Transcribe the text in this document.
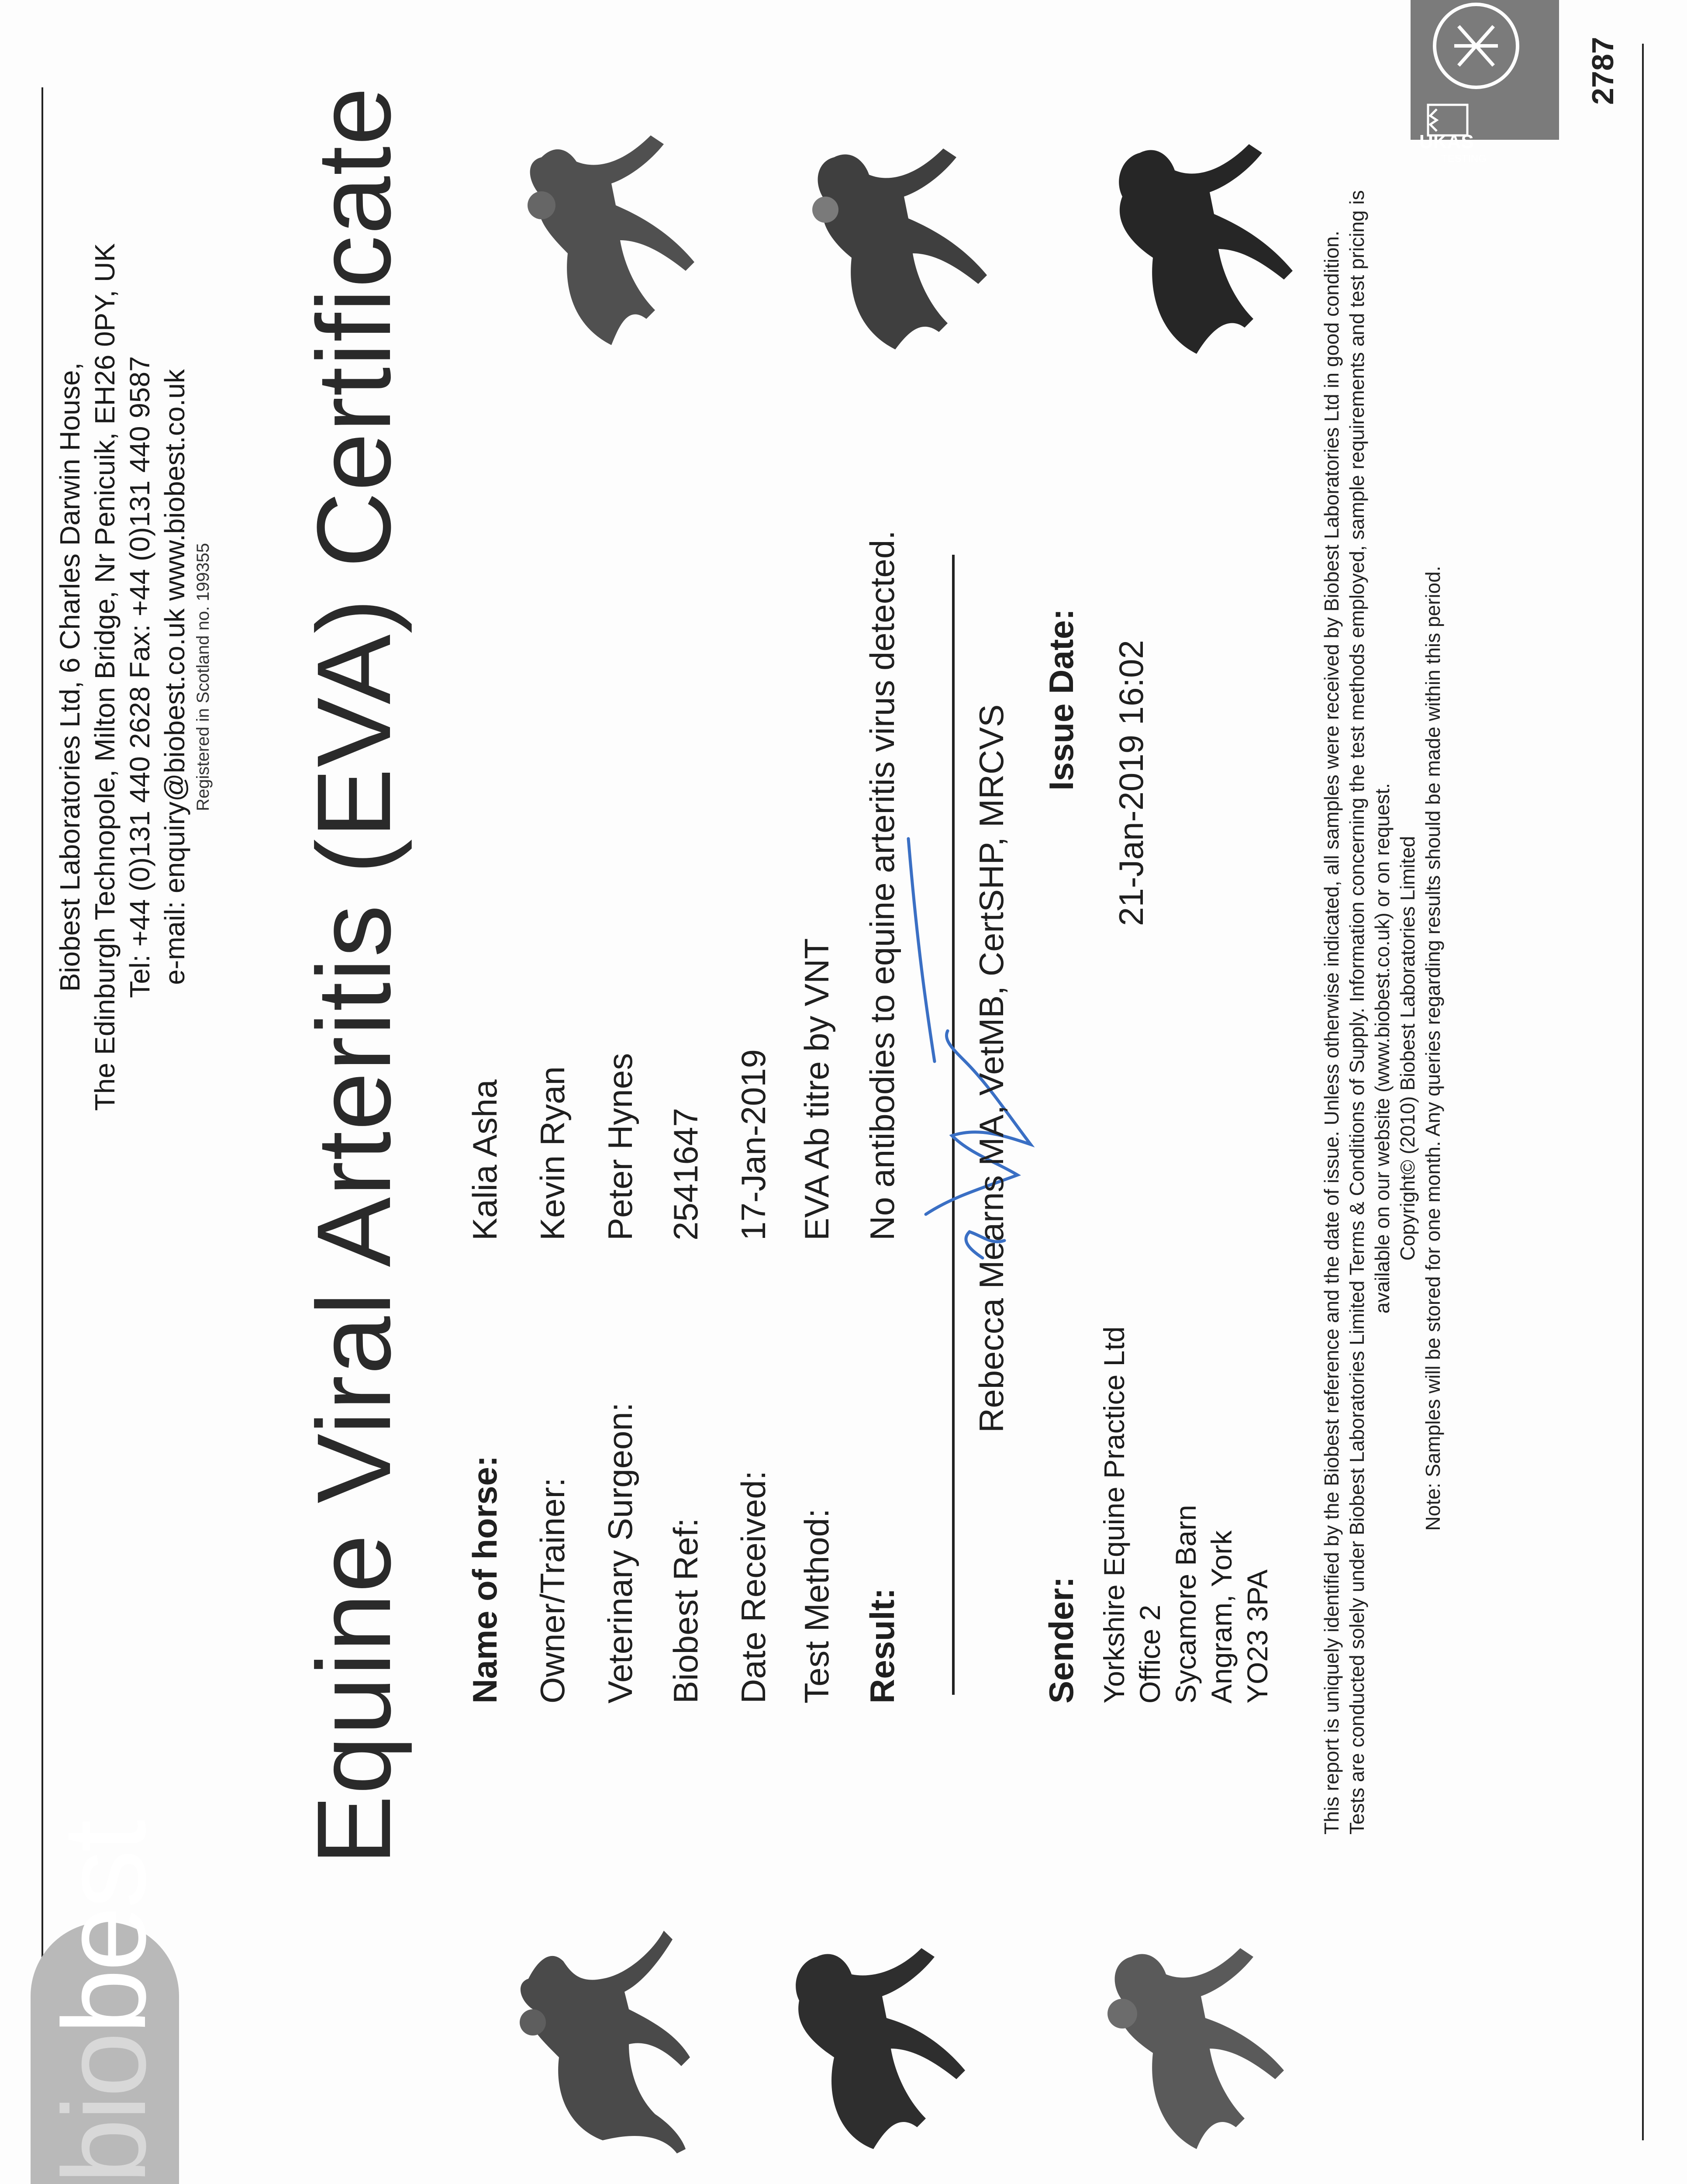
biobest
Biobest Laboratories Ltd, 6 Charles Darwin House, The Edinburgh Technopole, Milton Bridge, Nr Penicuik, EH26 0PY, UK Tel: +44 (0)131 440 2628 Fax: +44 (0)131 440 9587 e-mail: enquiry@biobest.co.uk www.biobest.co.uk Registered in Scotland no. 199355 Equine Viral Arteritis (EVA) Certificate Name of horse: Owner/Trainer: Veterinary Surgeon: Biobest Ref: Date Received: Test Method: Result:
Kalia Asha Kevin Ryan Peter Hynes 2541647 17-Jan-2019 EVA Ab titre by VNT No antibodies to equine arteritis virus detected. Rebecca Mearns MA, VetMB, CertSHP, MRCVS
Sender: Yorkshire Equine Practice Ltd Office 2 Sycamore Barn Angram, York YO23 3PA
Issue Date: 21-Jan-2019 16:02	This report is uniquely identified by the Biobest reference and the date of issue. Unless otherwise indicated, all samples were received by Biobest Laboratories Ltd in good condition. Tests are conducted solely under Biobest Laboratories Limited Terms & Conditions of Supply. Information concerning the test methods employed, sample requirements and test pricing is available on our website (www.biobest.co.uk) or on request. Copyright© (2010) Biobest Laboratories Limited Note: Samples will be stored for one month. Any queries regarding results should be made within this period.
UKAS
TESTING
2787
